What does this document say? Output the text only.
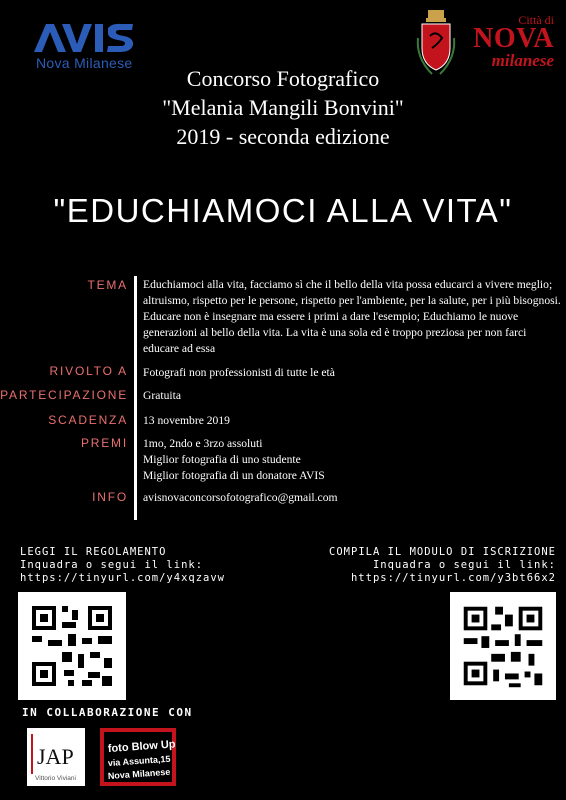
Nova Milanese
Città di
NOVA
milanese
Concorso Fotografico
"Melania Mangili Bonvini"
2019 - seconda edizione
"EDUCHIAMOCI ALLA VITA"
TEMA
RIVOLTO A
PARTECIPAZIONE
SCADENZA
PREMI
INFO
Educhiamoci alla vita, facciamo sì che il bello della vita possa educarci a vivere meglio; altruismo, rispetto per le persone, rispetto per l'ambiente, per la salute, per i più bisognosi. Educare non è insegnare ma essere i primi a dare l'esempio; Educhiamo le nuove generazioni al bello della vita. La vita è una sola ed è troppo preziosa per non farci educare ad essa
Fotografi non professionisti di tutte le età
Gratuita
13 novembre 2019
1mo, 2ndo e 3rzo assoluti
Miglior fotografia di uno studente
Miglior fotografia di un donatore AVIS
avisnovaconcorsofotografico@gmail.com
LEGGI IL REGOLAMENTO
Inquadra o segui il link:
https://tinyurl.com/y4xqzavw
COMPILA IL MODULO DI ISCRIZIONE
Inquadra o segui il link:
https://tinyurl.com/y3bt66x2
IN COLLABORAZIONE CON
JAP
Vittorio Viviani
foto Blow Up
via Assunta,15
Nova Milanese
